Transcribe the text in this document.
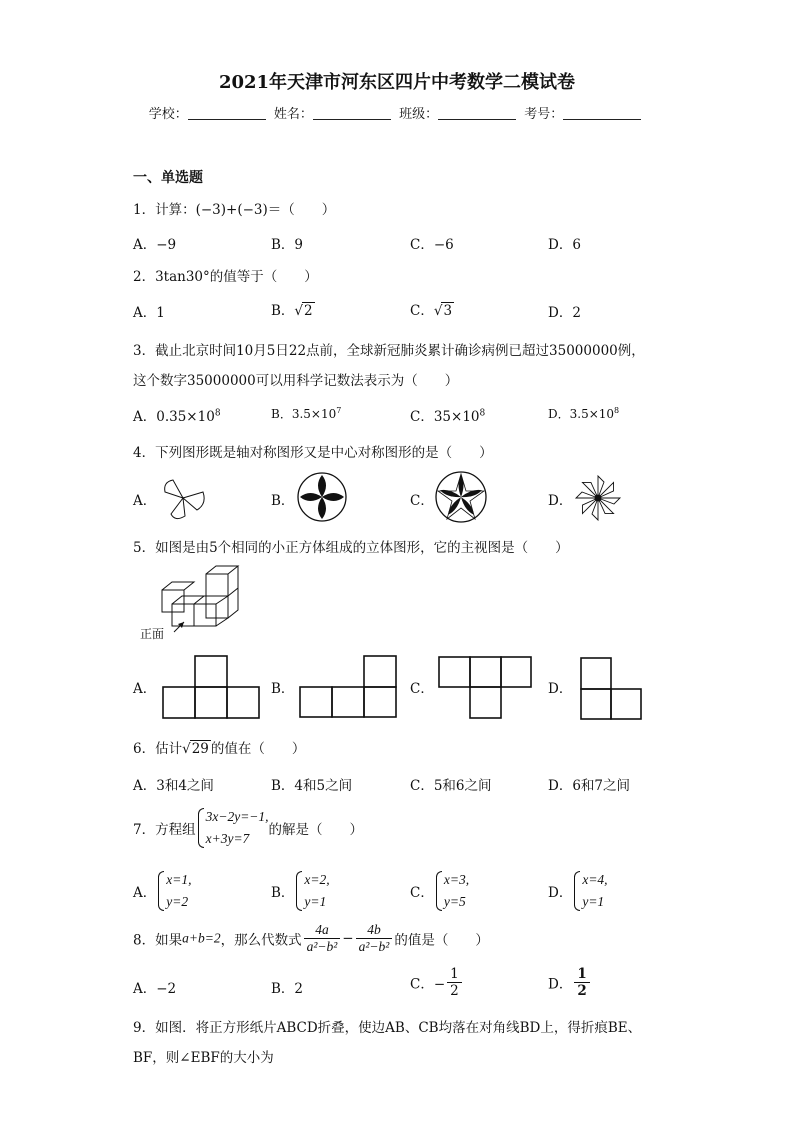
2021年天津市河东区四片中考数学二模试卷
学校：	姓名：	班级：	考号：
一、单选题
1．计算：(−3)+(−3)＝（　　）
A．−9	B．9	C．−6	D．6
2．3tan30°的值等于（　　）
A．1	B．√2	C．√3	D．2
3．截止北京时间10月5日22点前，全球新冠肺炎累计确诊病例已超过35000000例，
这个数字35000000可以用科学记数法表示为（　　）
A．$0.35\times 10^8$	B．$3.5\times 10^7$	C．$35\times 10^8$	D．$3.5\times 10^8$
4．下列图形既是轴对称图形又是中心对称图形的是（　　）
A．	B．	C．	D．
5．如图是由5个相同的小正方体组成的立体图形，它的主视图是（　　）
正面
A．	B．	C．	D．
6．估计√29 的值在（　　）
A．3和4之间	B．4和5之间	C．5和6之间	D．6和7之间
7．方程组
3x−2y=−1,
x+3y=7
的解是（　　）
A．
x=1,
y=2
B．
x=2,
y=1
C．
x=3,
y=5
D．
x=4,
y=1
8．如果a+b=2，那么代数式 $\frac{4a}{\text{a²−b²}} - \frac{4b}{\text{a²−b²}}$ 的值是（　　）
A．−2	B．2	C．− $\frac{1}{2}$	D． $\frac{1}{2}$
9．如图．将正方形纸片ABCD折叠，使边AB、CB均落在对角线BD上，得折痕BE、
BF，则∠EBF的大小为
